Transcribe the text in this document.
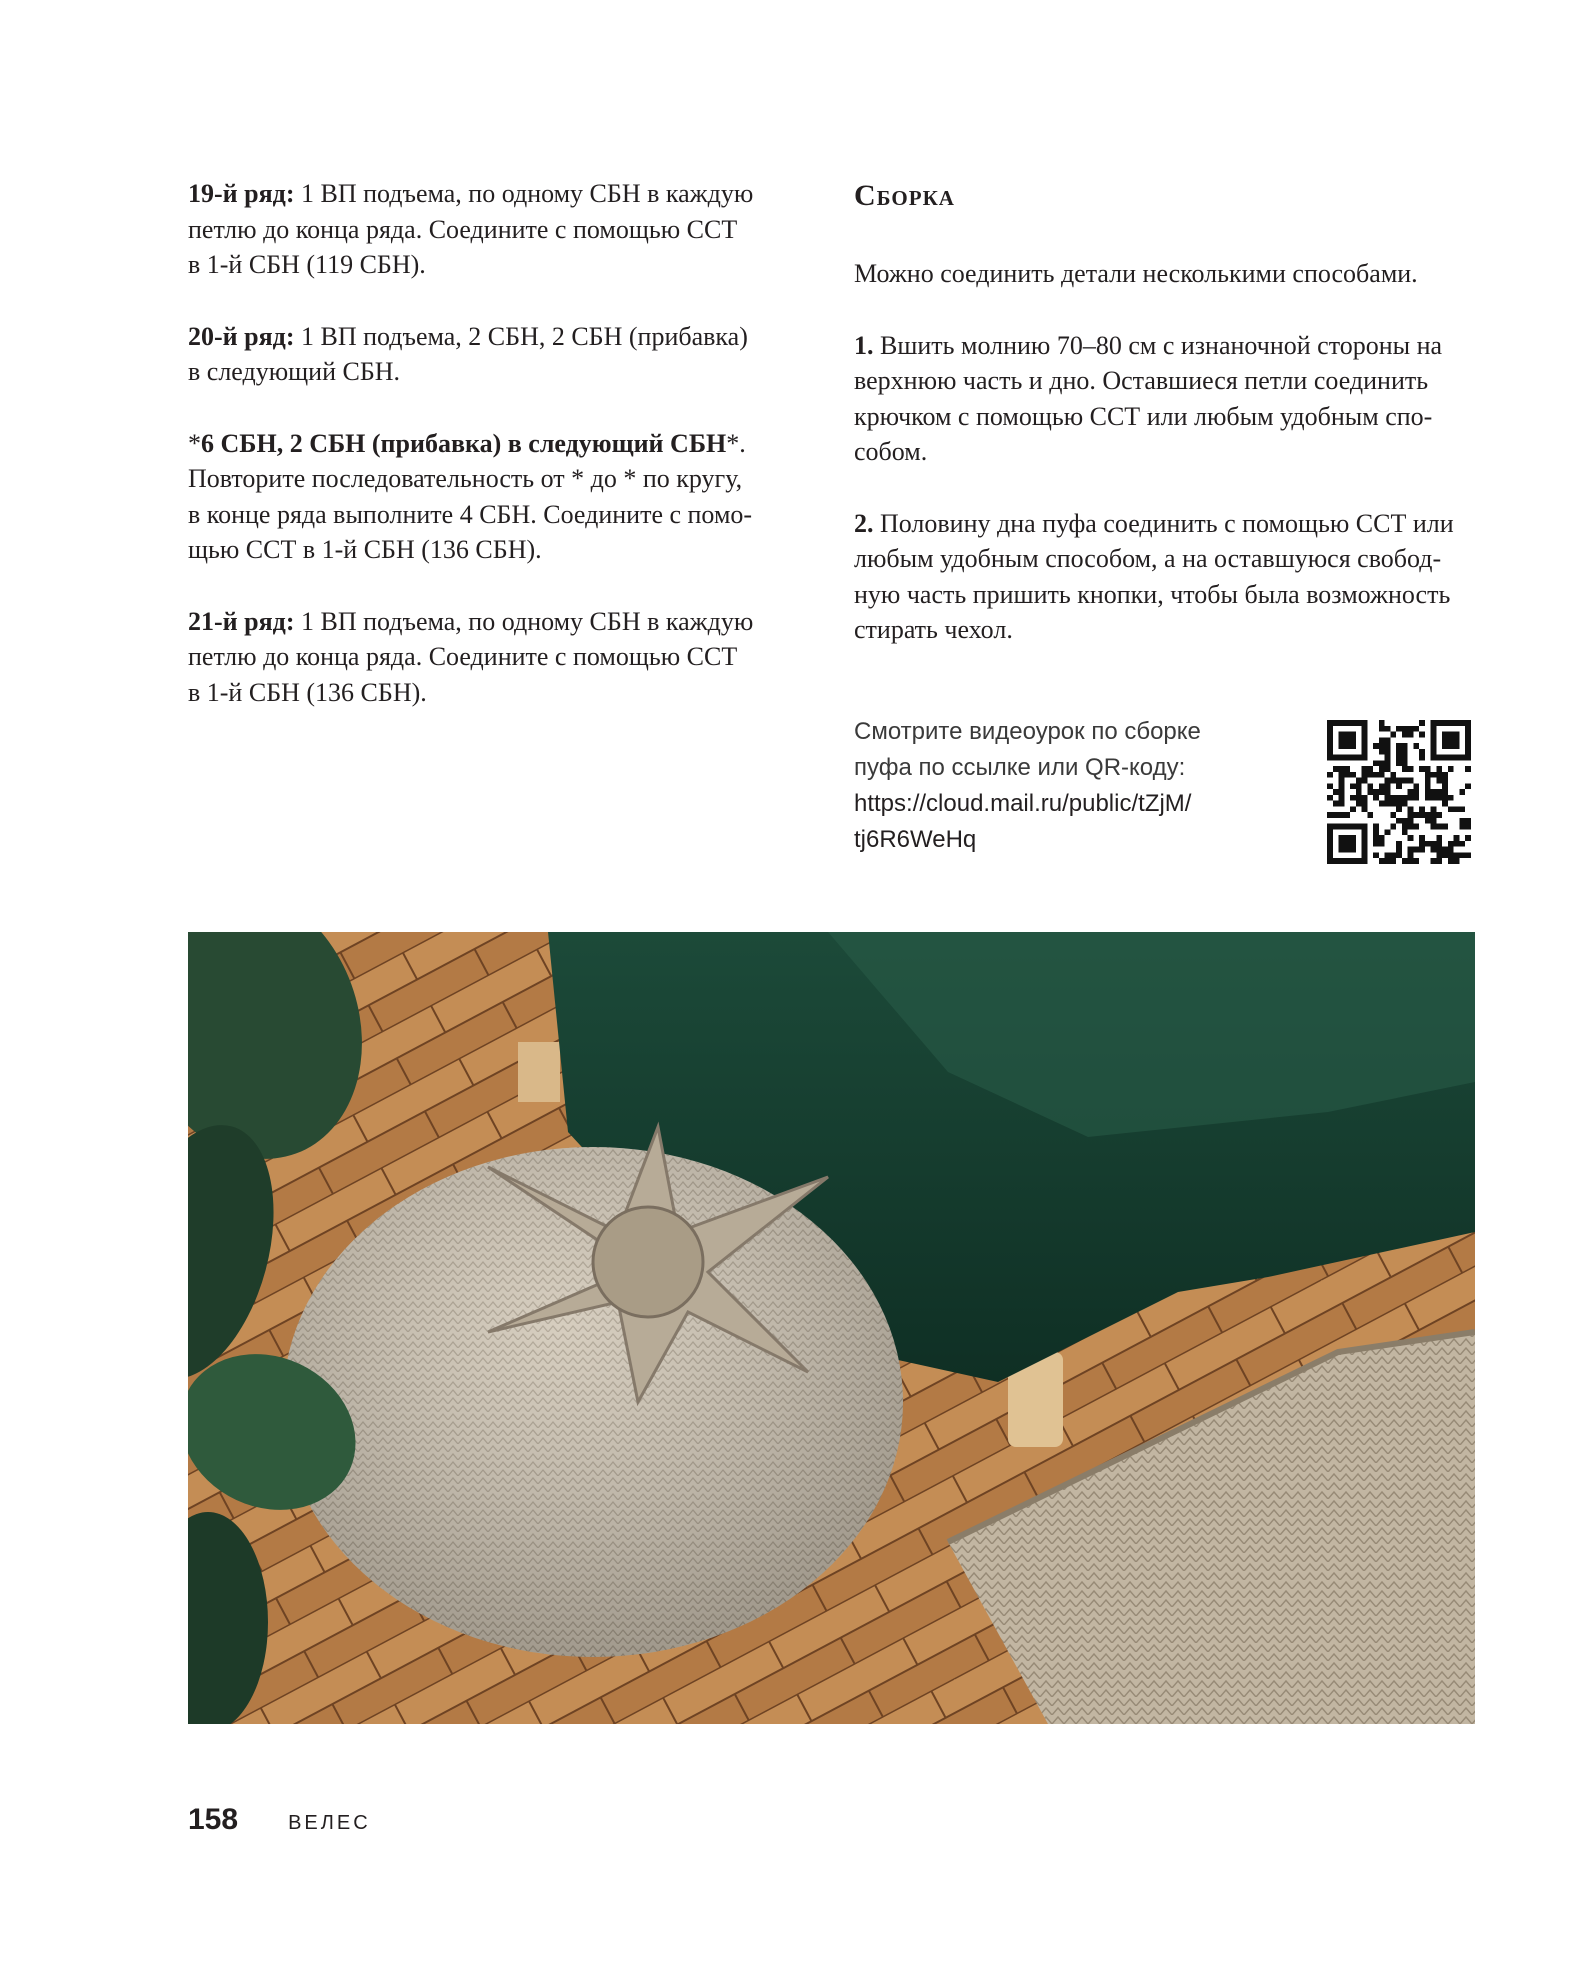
19-й ряд: 1 ВП подъема, по одному СБН в каждую
петлю до конца ряда. Соедините с помощью ССТ
в 1-й СБН (119 СБН).

20-й ряд: 1 ВП подъема, 2 СБН, 2 СБН (прибавка)
в следующий СБН.

*6 СБН, 2 СБН (прибавка) в следующий СБН*.
Повторите последовательность от * до * по кругу,
в конце ряда выполните 4 СБН. Соедините с помо-
щью ССТ в 1-й СБН (136 СБН).

21-й ряд: 1 ВП подъема, по одному СБН в каждую
петлю до конца ряда. Соедините с помощью ССТ
в 1-й СБН (136 СБН).

Сборка

Можно соединить детали несколькими способами.

1. Вшить молнию 70–80 см с изнаночной стороны на
верхнюю часть и дно. Оставшиеся петли соединить
крючком с помощью ССТ или любым удобным спо-
собом.

2. Половину дна пуфа соединить с помощью ССТ или
любым удобным способом, а на оставшуюся свобод-
ную часть пришить кнопки, чтобы была возможность
стирать чехол.

Смотрите видеоурок по сборке
пуфа по ссылке или QR-коду:
https://cloud.mail.ru/public/tZjM/
tj6R6WeHq
158	ВЕЛЕС
